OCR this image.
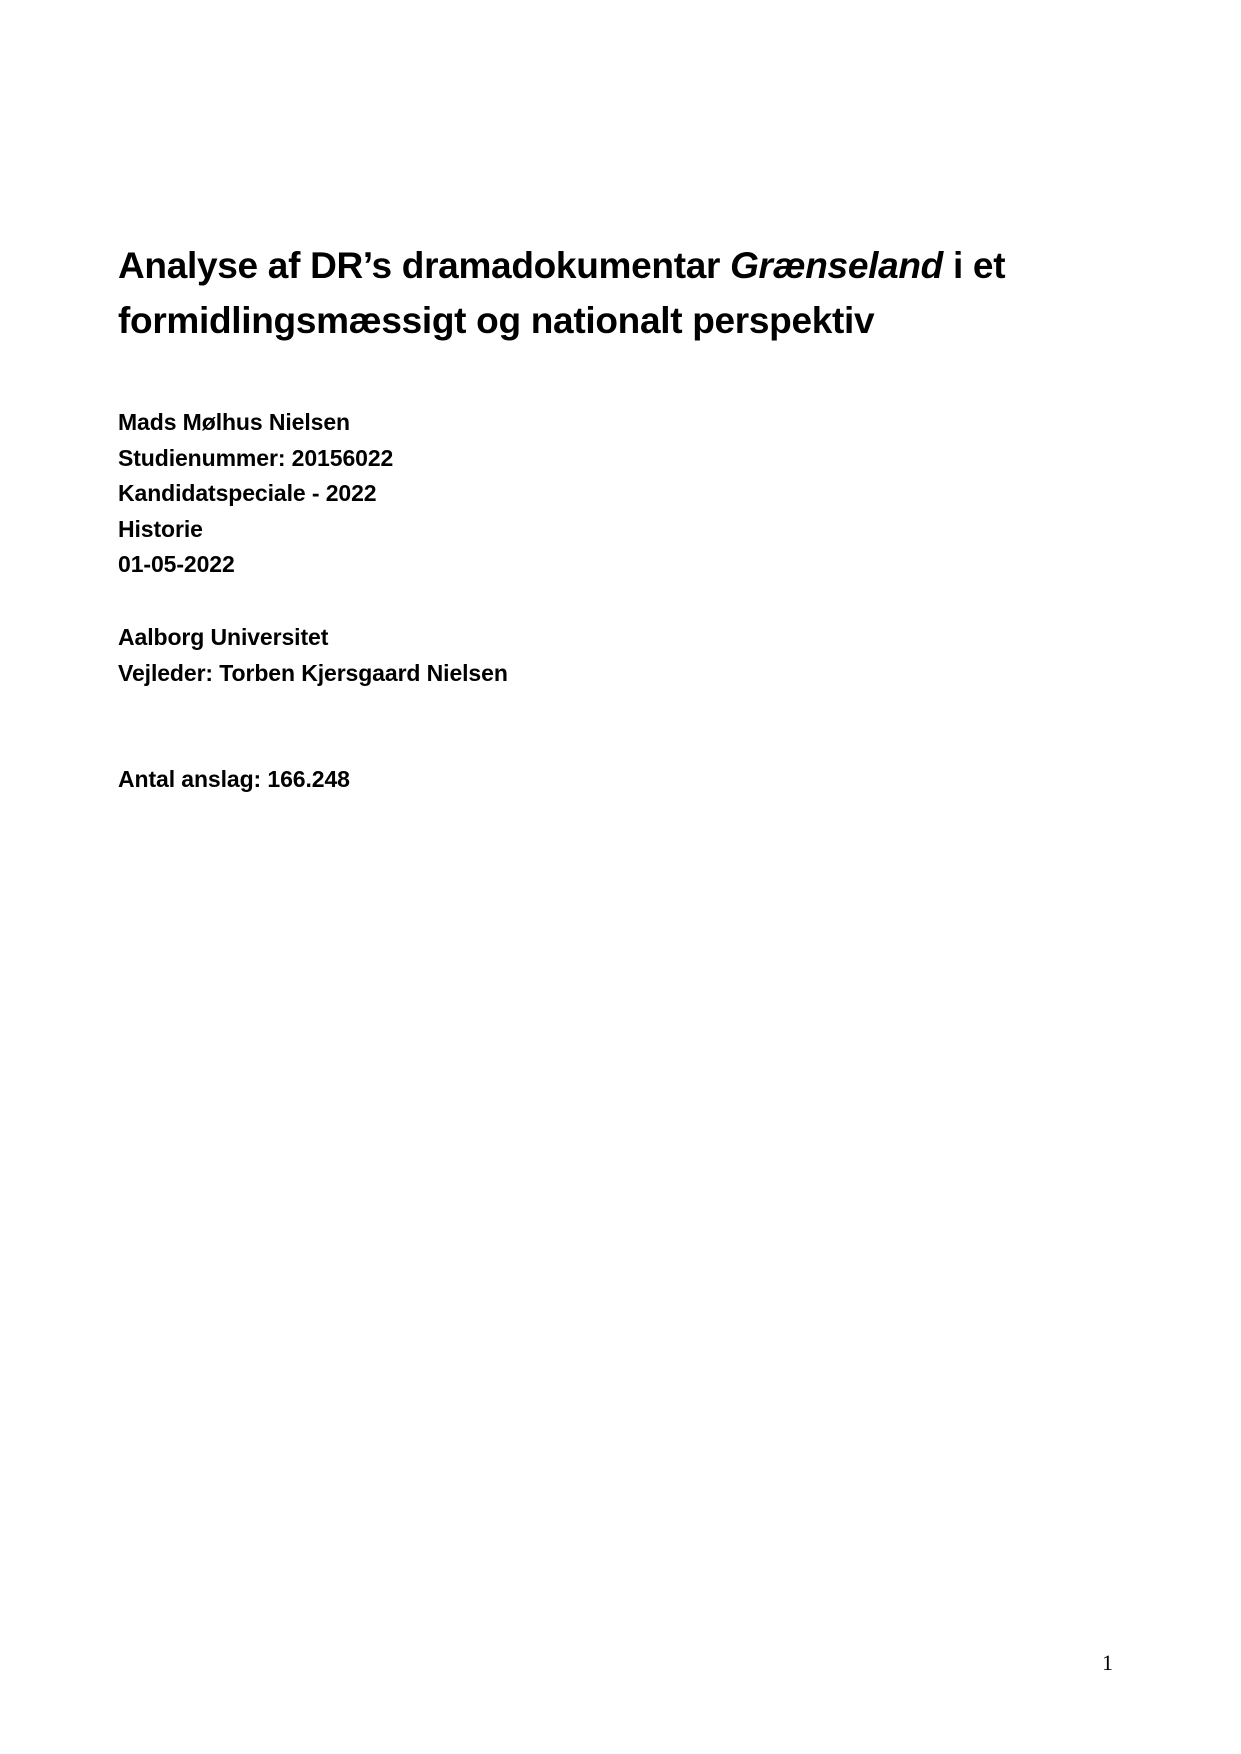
Analyse af DR’s dramadokumentar Grænseland i et formidlingsmæssigt og nationalt perspektiv
Mads Mølhus Nielsen
Studienummer: 20156022
Kandidatspeciale - 2022
Historie
01-05-2022
Aalborg Universitet
Vejleder: Torben Kjersgaard Nielsen
Antal anslag: 166.248
1
